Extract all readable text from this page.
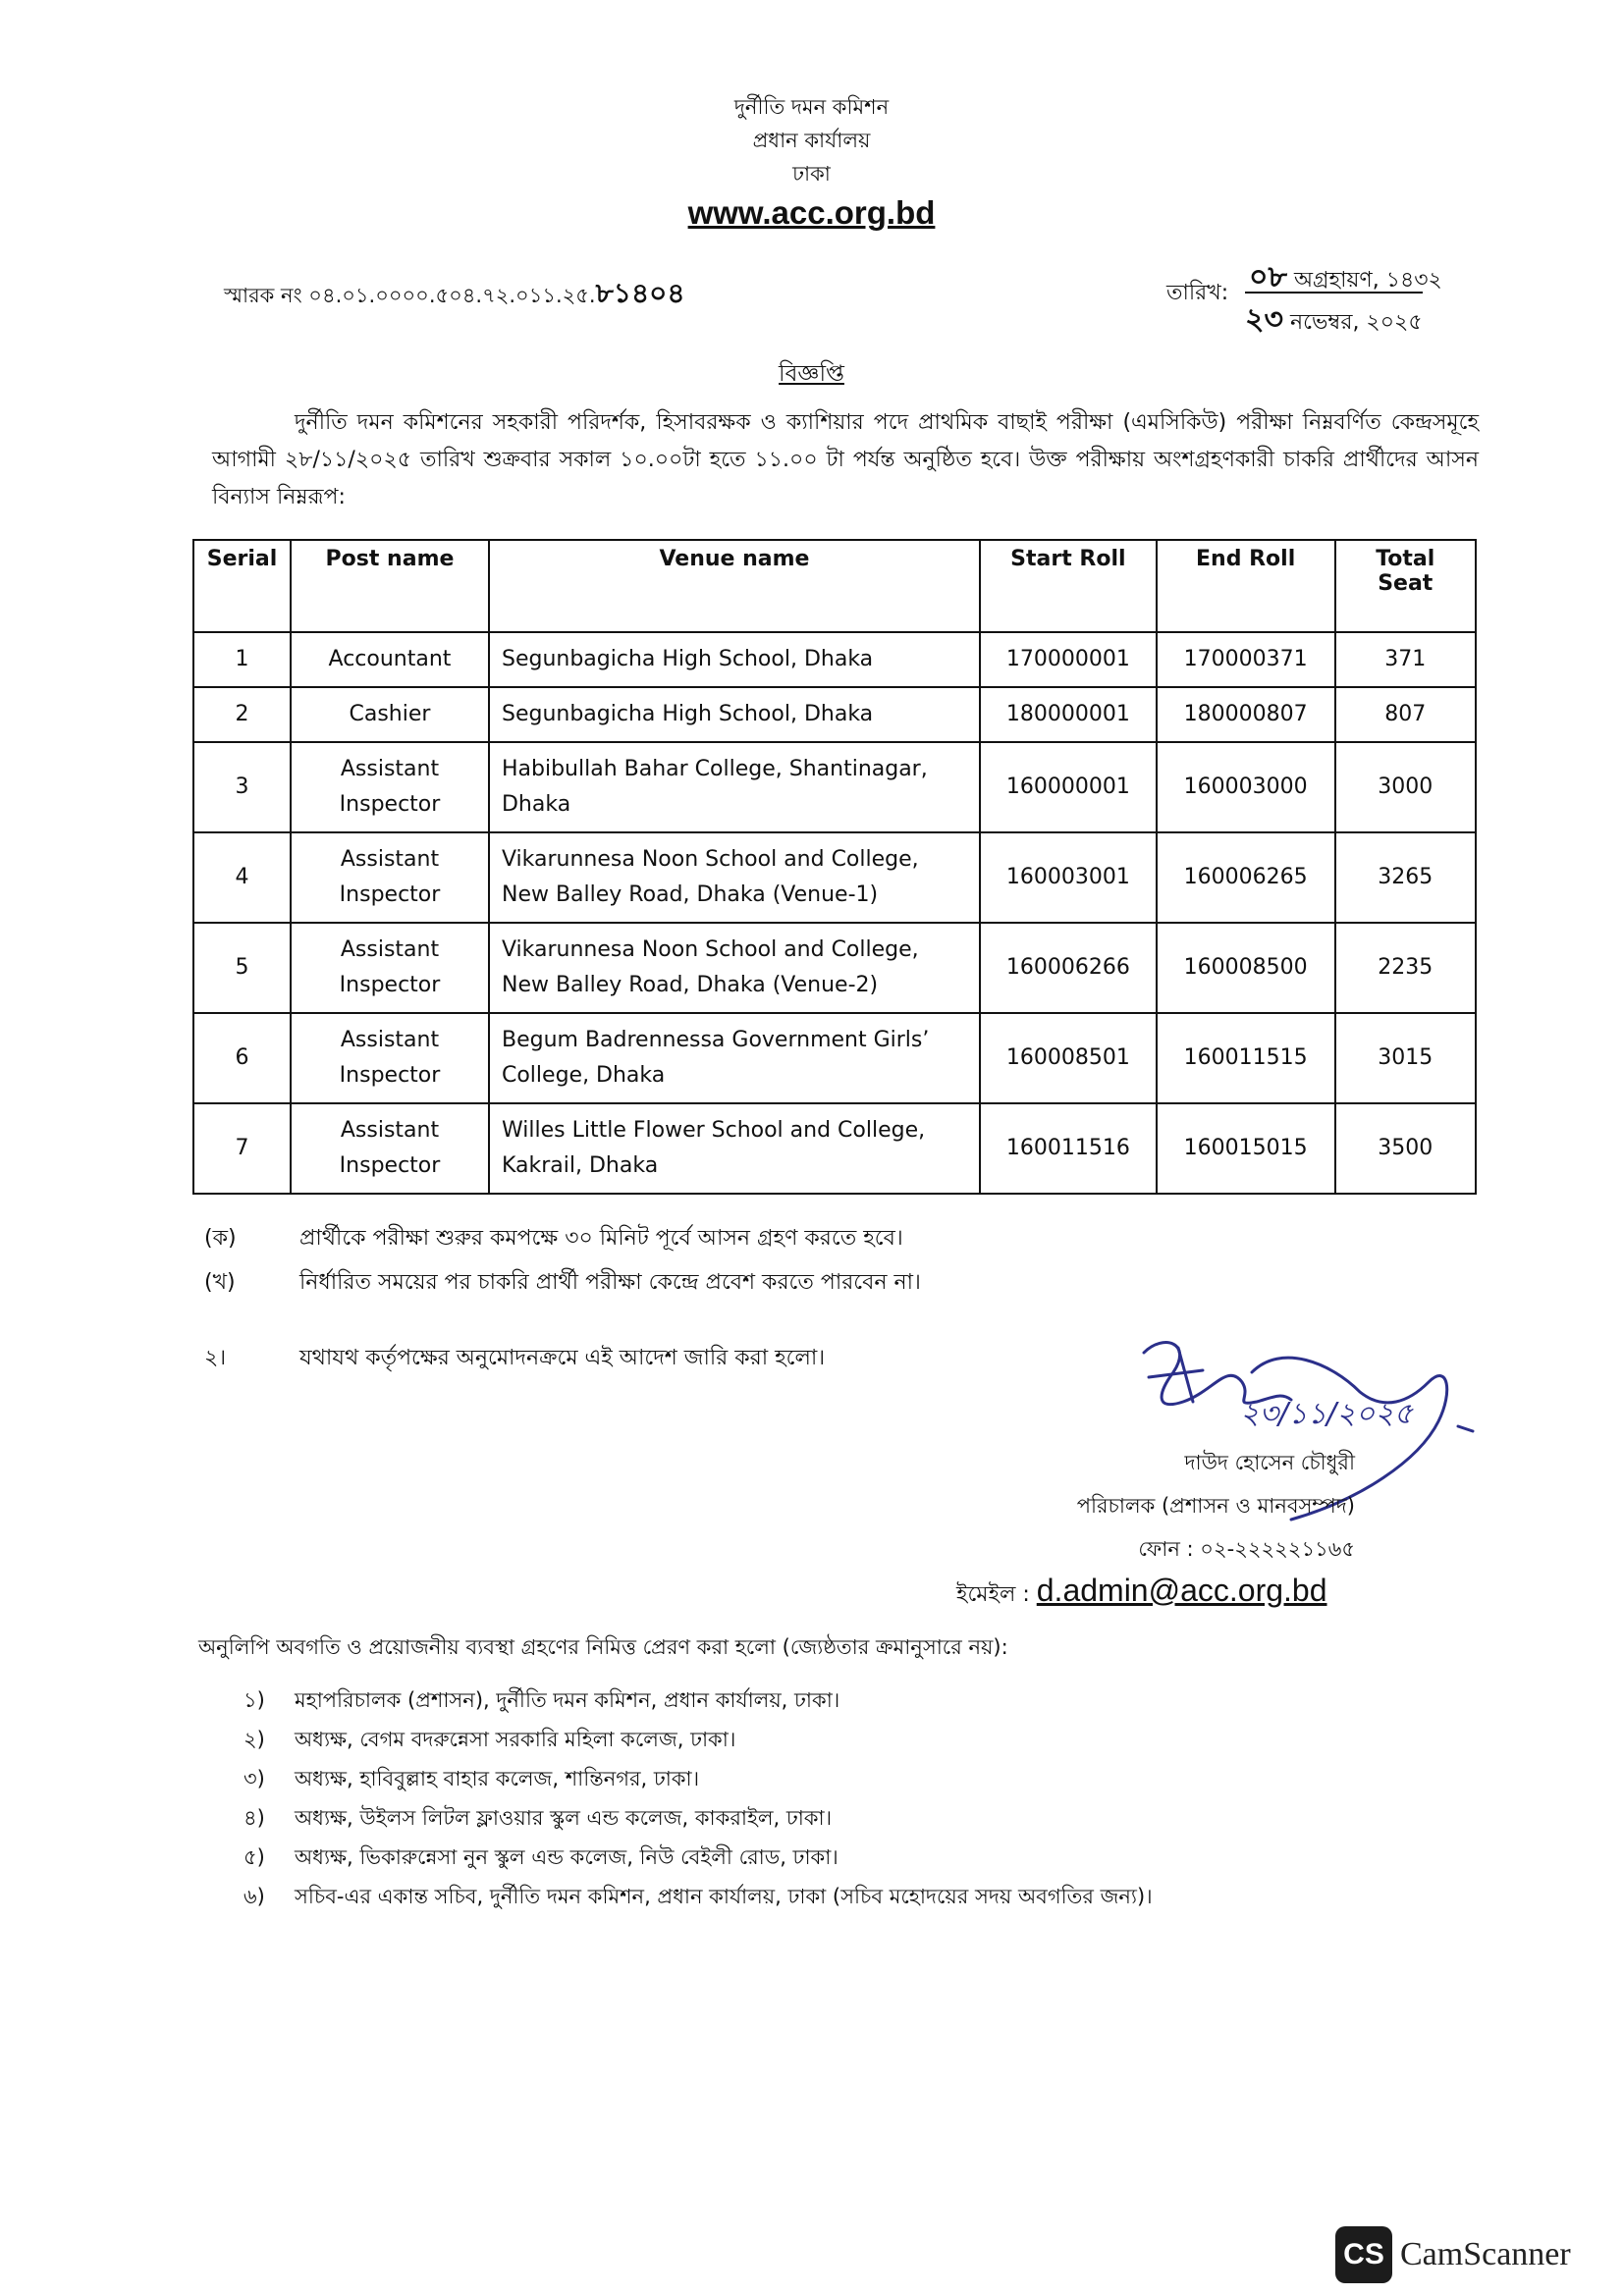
দুর্নীতি দমন কমিশন
প্রধান কার্যালয়
ঢাকা
www.acc.org.bd
স্মারক নং ০৪.০১.০০০০.৫০৪.৭২.০১১.২৫.৮১৪০৪	তারিখ: ০৮ অগ্রহায়ণ, ১৪৩২
২৩ নভেম্বর, ২০২৫
বিজ্ঞপ্তি
দুর্নীতি দমন কমিশনের সহকারী পরিদর্শক, হিসাবরক্ষক ও ক্যাশিয়ার পদে প্রাথমিক বাছাই পরীক্ষা (এমসিকিউ) পরীক্ষা নিম্নবর্ণিত কেন্দ্রসমূহে আগামী ২৮/১১/২০২৫ তারিখ শুক্রবার সকাল ১০.০০টা হতে ১১.০০ টা পর্যন্ত অনুষ্ঠিত হবে। উক্ত পরীক্ষায় অংশগ্রহণকারী চাকরি প্রার্থীদের আসন বিন্যাস নিম্নরূপ:
Serial	Post name	Venue name	Start Roll	End Roll	Total Seat
1	Accountant	Segunbagicha High School, Dhaka	170000001	170000371	371
2	Cashier	Segunbagicha High School, Dhaka	180000001	180000807	807
3	Assistant Inspector	Habibullah Bahar College, Shantinagar, Dhaka	160000001	160003000	3000
4	Assistant Inspector	Vikarunnesa Noon School and College, New Balley Road, Dhaka (Venue-1)	160003001	160006265	3265
5	Assistant Inspector	Vikarunnesa Noon School and College, New Balley Road, Dhaka (Venue-2)	160006266	160008500	2235
6	Assistant Inspector	Begum Badrennessa Government Girls’ College, Dhaka	160008501	160011515	3015
7	Assistant Inspector	Willes Little Flower School and College, Kakrail, Dhaka	160011516	160015015	3500
(ক)	প্রার্থীকে পরীক্ষা শুরুর কমপক্ষে ৩০ মিনিট পূর্বে আসন গ্রহণ করতে হবে।
(খ)	নির্ধারিত সময়ের পর চাকরি প্রার্থী পরীক্ষা কেন্দ্রে প্রবেশ করতে পারবেন না।
২।	যথাযথ কর্তৃপক্ষের অনুমোদনক্রমে এই আদেশ জারি করা হলো।
২৩/১১/২০২৫
দাউদ হোসেন চৌধুরী
পরিচালক (প্রশাসন ও মানবসম্পদ)
ফোন : ০২-২২২২২১১৬৫
ইমেইল : d.admin@acc.org.bd
অনুলিপি অবগতি ও প্রয়োজনীয় ব্যবস্থা গ্রহণের নিমিত্ত প্রেরণ করা হলো (জ্যেষ্ঠতার ক্রমানুসারে নয়):
১) মহাপরিচালক (প্রশাসন), দুর্নীতি দমন কমিশন, প্রধান কার্যালয়, ঢাকা।
২) অধ্যক্ষ, বেগম বদরুন্নেসা সরকারি মহিলা কলেজ, ঢাকা।
৩) অধ্যক্ষ, হাবিবুল্লাহ বাহার কলেজ, শান্তিনগর, ঢাকা।
৪) অধ্যক্ষ, উইলস লিটল ফ্লাওয়ার স্কুল এন্ড কলেজ, কাকরাইল, ঢাকা।
৫) অধ্যক্ষ, ভিকারুন্নেসা নুন স্কুল এন্ড কলেজ, নিউ বেইলী রোড, ঢাকা।
৬) সচিব-এর একান্ত সচিব, দুর্নীতি দমন কমিশন, প্রধান কার্যালয়, ঢাকা (সচিব মহোদয়ের সদয় অবগতির জন্য)।
CS CamScanner
